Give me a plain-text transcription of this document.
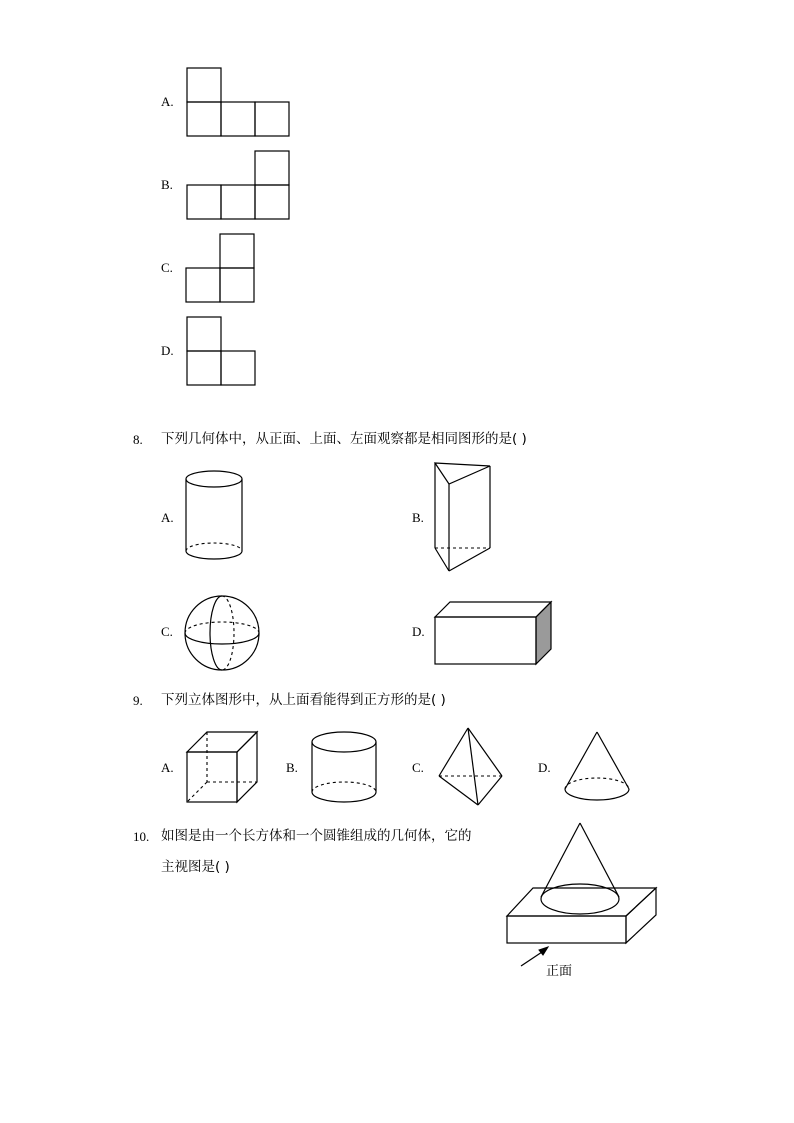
A.
B.
C.
D.
8. 下列几何体中，从正面、上面、左面观察都是相同图形的是( )
A.	B.
C.	D.
9. 下列立体图形中，从上面看能得到正方形的是( )
A.	B.	C.	D.
10. 如图是由一个长方体和一个圆锥组成的几何体，它的
主视图是( )
正面
